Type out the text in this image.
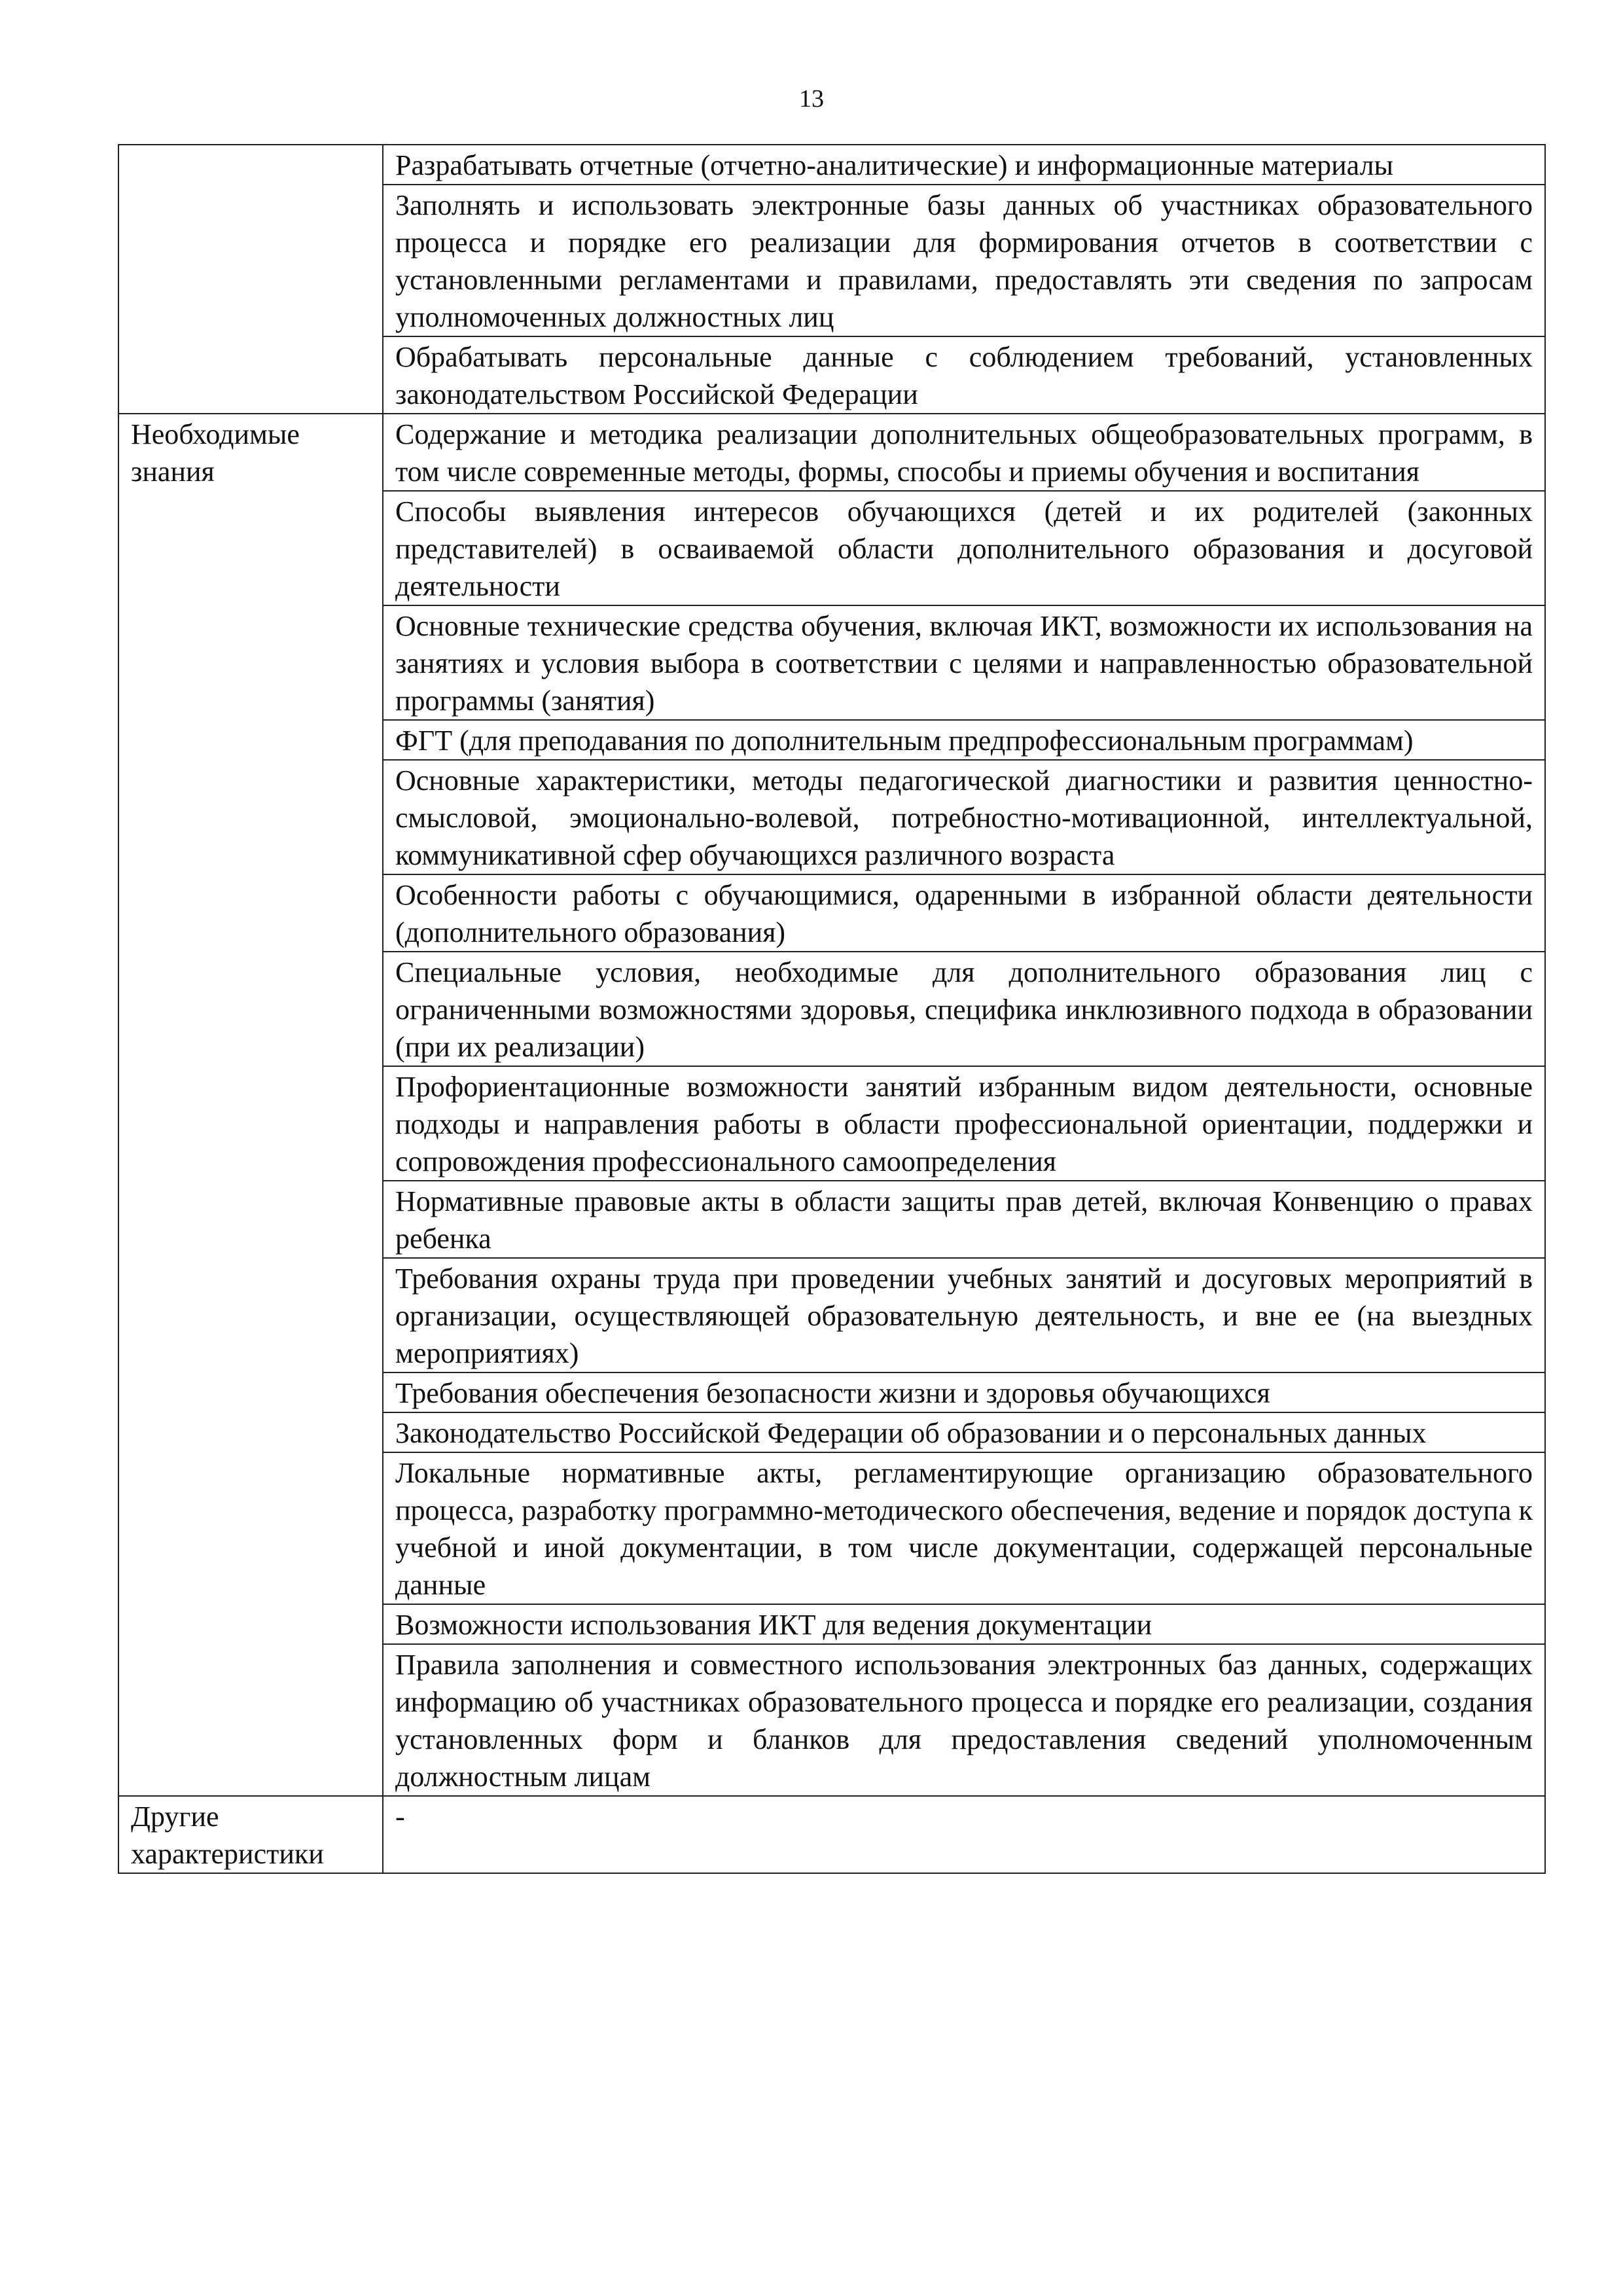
13
	Разрабатывать отчетные (отчетно-аналитические) и информационные материалы
	Заполнять и использовать электронные базы данных об участниках образовательного процесса и порядке его реализации для формирования отчетов в соответствии с установленными регламентами и правилами, предоставлять эти сведения по запросам уполномоченных должностных лиц
	Обрабатывать персональные данные с соблюдением требований, установленных законодательством Российской Федерации
Необходимые знания	Содержание и методика реализации дополнительных общеобразовательных программ, в том числе современные методы, формы, способы и приемы обучения и воспитания
	Способы выявления интересов обучающихся (детей и их родителей (законных представителей) в осваиваемой области дополнительного образования и досуговой деятельности
	Основные технические средства обучения, включая ИКТ, возможности их использования на занятиях и условия выбора в соответствии с целями и направленностью образовательной программы (занятия)
	ФГТ (для преподавания по дополнительным предпрофессиональным программам)
	Основные характеристики, методы педагогической диагностики и развития ценностно-смысловой, эмоционально-волевой, потребностно-мотивационной, интеллектуальной, коммуникативной сфер обучающихся различного возраста
	Особенности работы с обучающимися, одаренными в избранной области деятельности (дополнительного образования)
	Специальные условия, необходимые для дополнительного образования лиц с ограниченными возможностями здоровья, специфика инклюзивного подхода в образовании (при их реализации)
	Профориентационные возможности занятий избранным видом деятельности, основные подходы и направления работы в области профессиональной ориентации, поддержки и сопровождения профессионального самоопределения
	Нормативные правовые акты в области защиты прав детей, включая Конвенцию о правах ребенка
	Требования охраны труда при проведении учебных занятий и досуговых мероприятий в организации, осуществляющей образовательную деятельность, и вне ее (на выездных мероприятиях)
	Требования обеспечения безопасности жизни и здоровья обучающихся
	Законодательство Российской Федерации об образовании и о персональных данных
	Локальные нормативные акты, регламентирующие организацию образовательного процесса, разработку программно-методического обеспечения, ведение и порядок доступа к учебной и иной документации, в том числе документации, содержащей персональные данные
	Возможности использования ИКТ для ведения документации
	Правила заполнения и совместного использования электронных баз данных, содержащих информацию об участниках образовательного процесса и порядке его реализации, создания установленных форм и бланков для предоставления сведений уполномоченным должностным лицам
Другие характеристики	-
